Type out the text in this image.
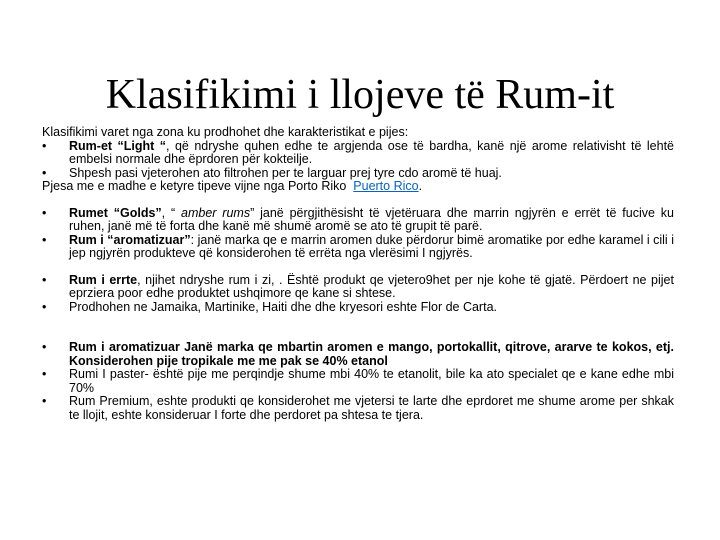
Klasifikimi i llojeve të Rum-it

Klasifikimi varet nga zona ku prodhohet dhe karakteristikat e pijes:

•	Rum-et “Light “, që ndryshe quhen edhe te argjenda ose të bardha, kanë një arome relativisht të lehtë embelsi normale dhe ëprdoren për kokteilje.

•	Shpesh pasi vjeterohen ato filtrohen per te larguar prej tyre cdo aromë të huaj.

Pjesa me e madhe e ketyre tipeve vijne nga Porto Riko Puerto Rico.

•	Rumet “Golds”, “ amber rums” janë përgjithësisht të vjetëruara dhe marrin ngjyrën e errët të fucive ku ruhen, janë më të forta dhe kanë më shumë aromë se ato të grupit të parë.

•	Rum i “aromatizuar”: janë marka qe e marrin aromen duke përdorur bimë aromatike por edhe karamel i cili i jep ngjyrën produkteve që konsiderohen të errëta nga vlerësimi I ngjyrës.

•	Rum i errte, njihet ndryshe rum i zi, . Është produkt qe vjetero9het per nje kohe të gjatë. Përdoert ne pijet eprziera poor edhe produktet ushqimore qe kane si shtese.

•	Prodhohen ne Jamaika, Martinike, Haiti dhe dhe kryesori eshte Flor de Carta.

•	Rum i aromatizuar Janë marka qe mbartin aromen e mango, portokallit, qitrove, ararve te kokos, etj. Konsiderohen pije tropikale me me pak se 40% etanol

•	Rumi I paster- është pije me perqindje shume mbi 40% te etanolit, bile ka ato specialet qe e kane edhe mbi 70%

•	Rum Premium, eshte produkti qe konsiderohet me vjetersi te larte dhe eprdoret me shume arome per shkak te llojit, eshte konsideruar I forte dhe perdoret pa shtesa te tjera.
